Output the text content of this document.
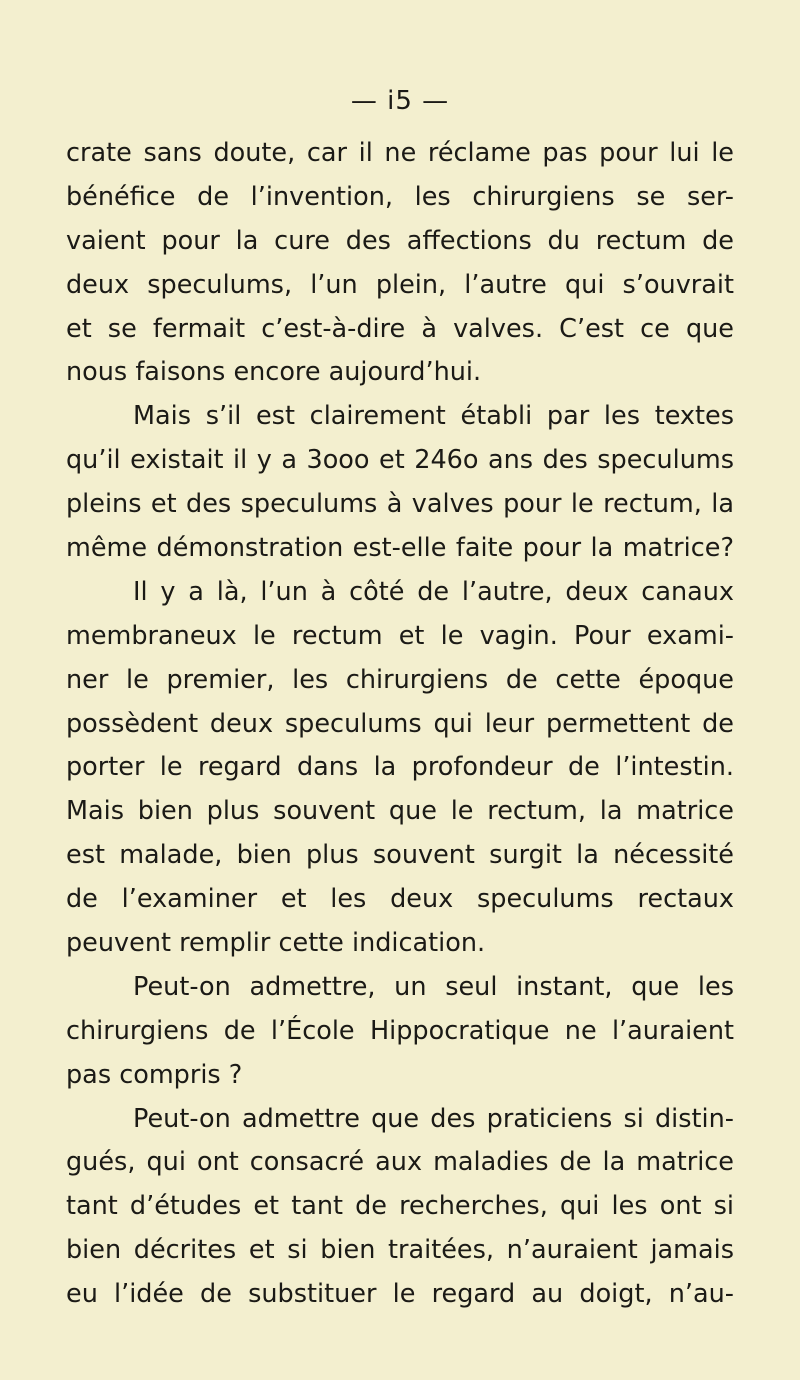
— i5 —
crate sans doute, car il ne réclame pas pour lui le
bénéfice de l’invention, les chirurgiens se ser-
vaient pour la cure des affections du rectum de
deux speculums, l’un plein, l’autre qui s’ouvrait
et se fermait c’est-à-dire à valves. C’est ce que
nous faisons encore aujourd’hui.
Mais s’il est clairement établi par les textes
qu’il existait il y a 3ooo et 246o ans des speculums
pleins et des speculums à valves pour le rectum, la
même démonstration est-elle faite pour la matrice?
Il y a là, l’un à côté de l’autre, deux canaux
membraneux le rectum et le vagin. Pour exami-
ner le premier, les chirurgiens de cette époque
possèdent deux speculums qui leur permettent de
porter le regard dans la profondeur de l’intestin.
Mais bien plus souvent que le rectum, la matrice
est malade, bien plus souvent surgit la nécessité
de l’examiner et les deux speculums rectaux
peuvent remplir cette indication.
Peut-on admettre, un seul instant, que les
chirurgiens de l’École Hippocratique ne l’auraient
pas compris ?
Peut-on admettre que des praticiens si distin-
gués, qui ont consacré aux maladies de la matrice
tant d’études et tant de recherches, qui les ont si
bien décrites et si bien traitées, n’auraient jamais
eu l’idée de substituer le regard au doigt, n’au-
